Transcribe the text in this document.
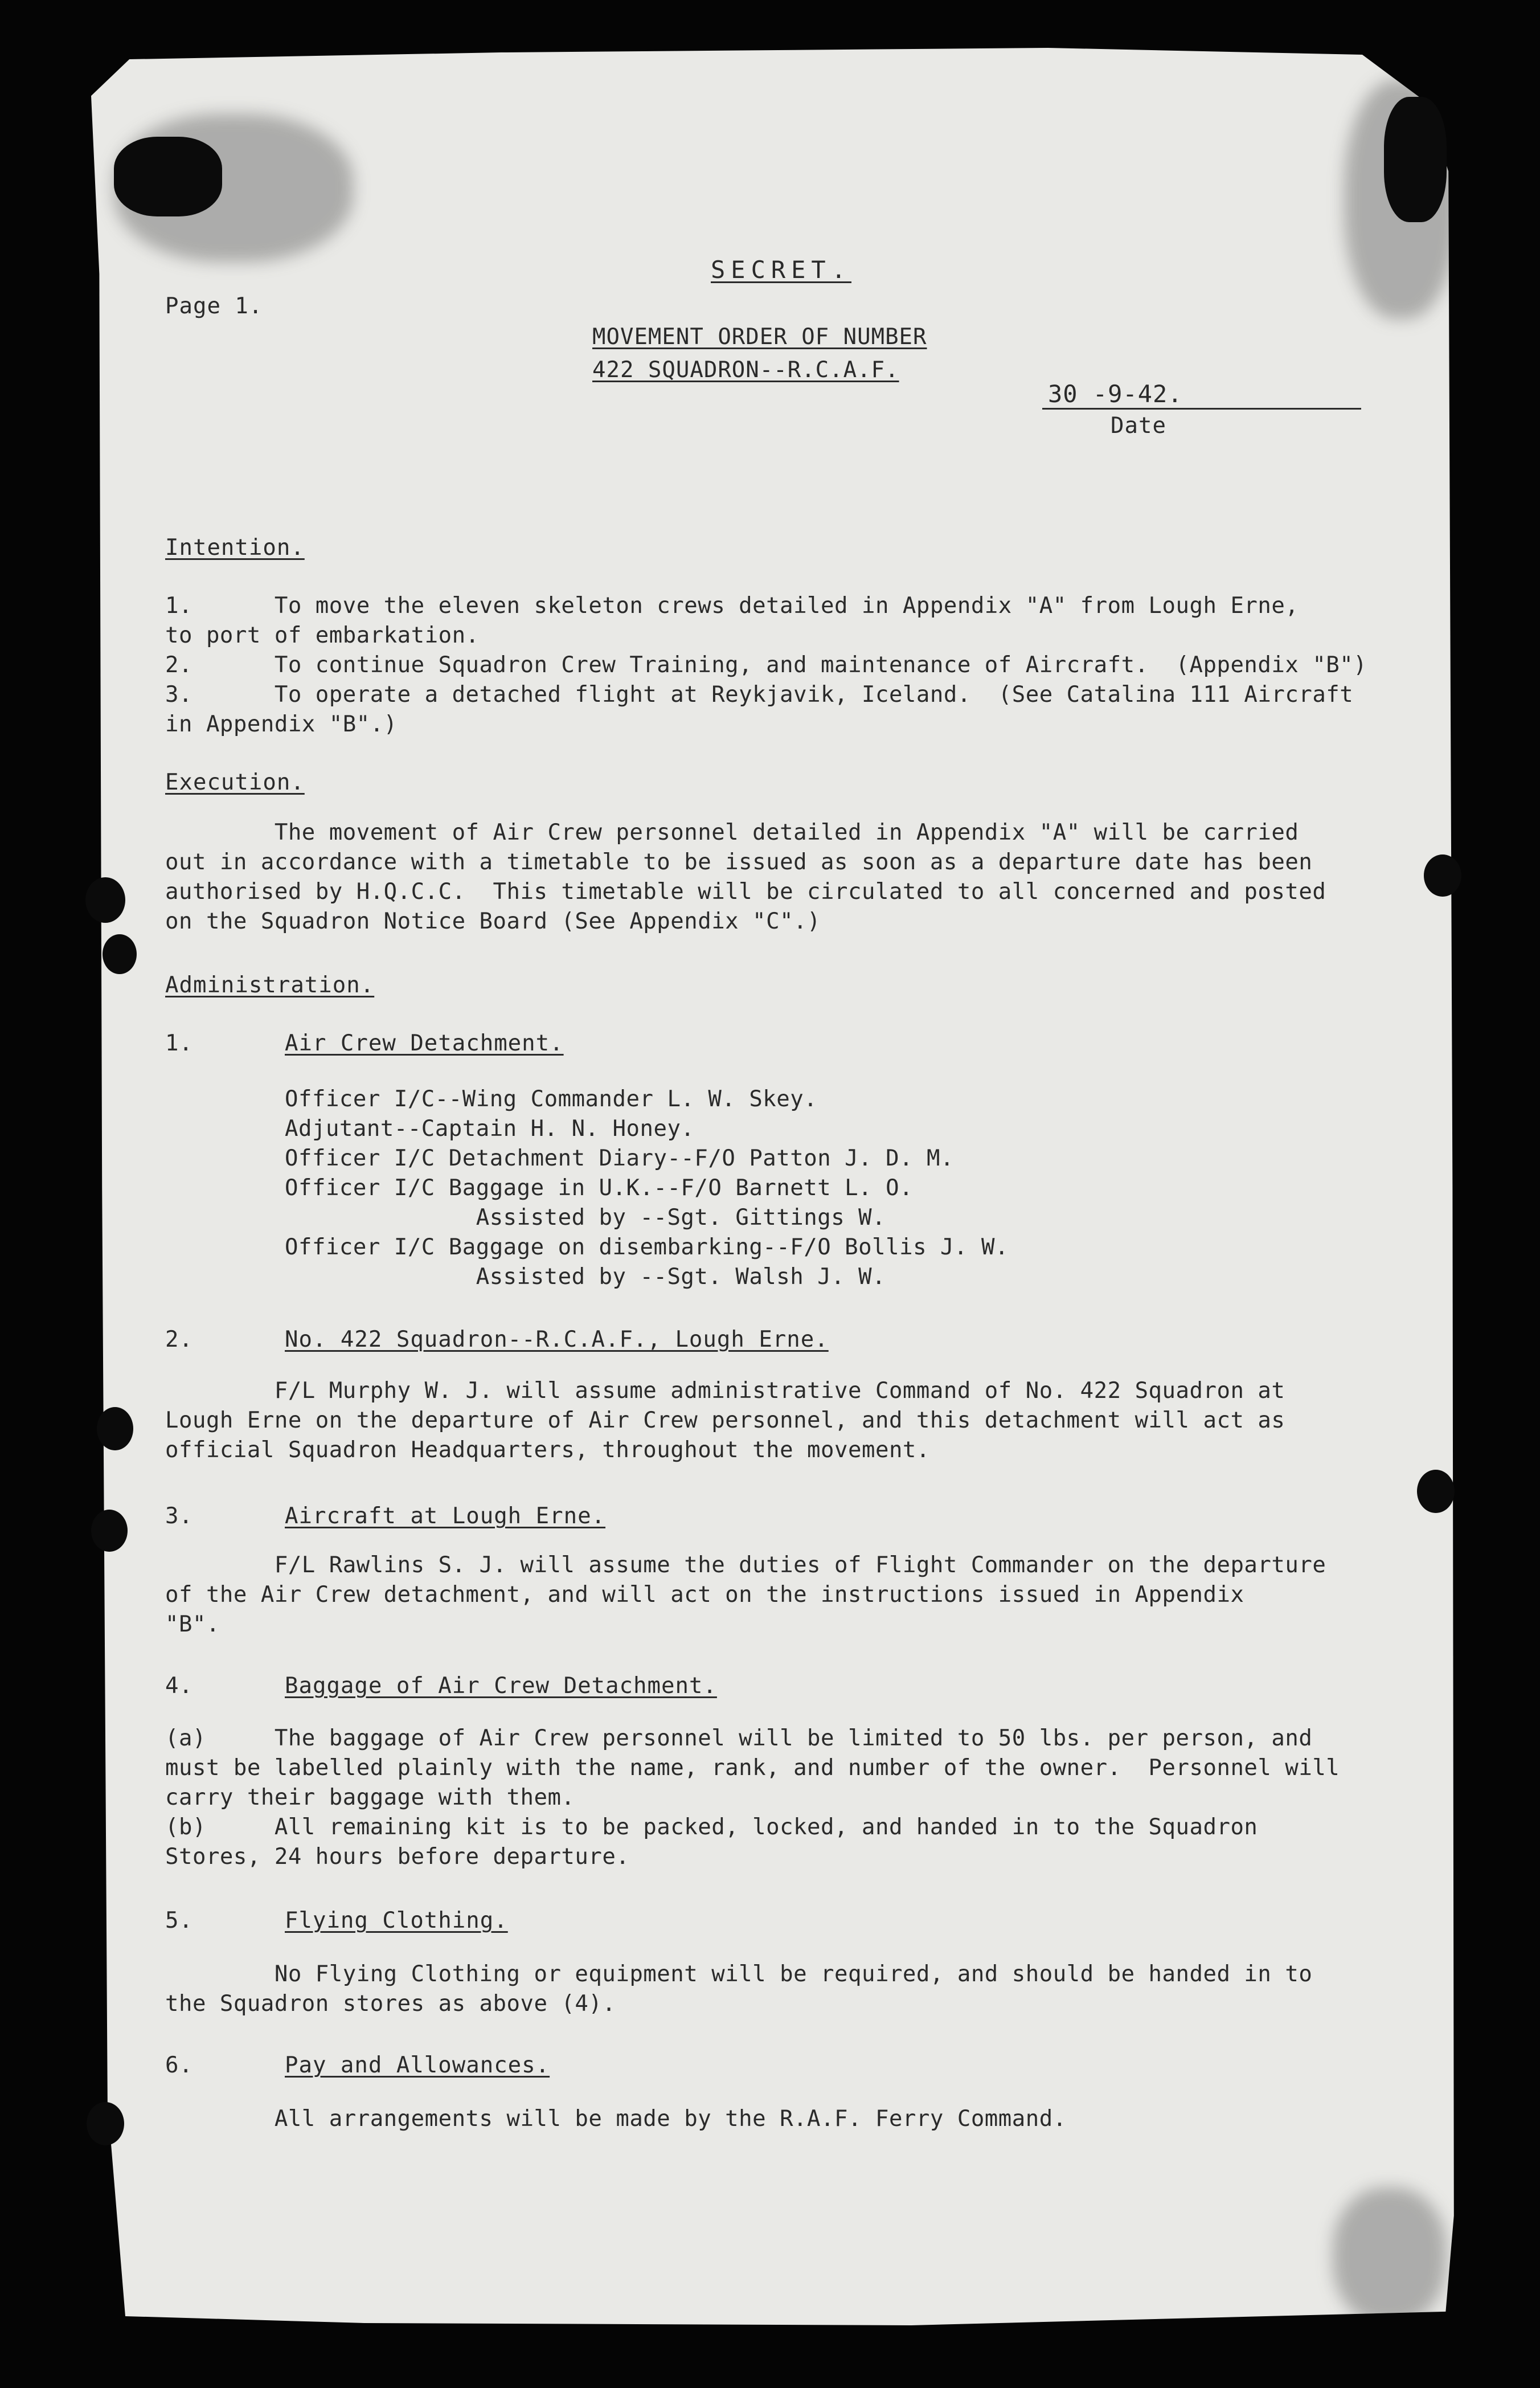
SECRET.
Page 1.
MOVEMENT ORDER OF NUMBER
422 SQUADRON--R.C.A.F.
30 -9-42.
Date
Intention.
1.      To move the eleven skeleton crews detailed in Appendix "A" from Lough Erne,
to port of embarkation.
2.      To continue Squadron Crew Training, and maintenance of Aircraft.  (Appendix "B")
3.      To operate a detached flight at Reykjavik, Iceland.  (See Catalina 111 Aircraft
in Appendix "B".)
Execution.
The movement of Air Crew personnel detailed in Appendix "A" will be carried
out in accordance with a timetable to be issued as soon as a departure date has been
authorised by H.Q.C.C.  This timetable will be circulated to all concerned and posted
on the Squadron Notice Board (See Appendix "C".)
Administration.
1.	Air Crew Detachment.
Officer I/C--Wing Commander L. W. Skey.
Adjutant--Captain H. N. Honey.
Officer I/C Detachment Diary--F/O Patton J. D. M.
Officer I/C Baggage in U.K.--F/O Barnett L. O.
Assisted by --Sgt. Gittings W.
Officer I/C Baggage on disembarking--F/O Bollis J. W.
Assisted by --Sgt. Walsh J. W.
2.	No. 422 Squadron--R.C.A.F., Lough Erne.
F/L Murphy W. J. will assume administrative Command of No. 422 Squadron at
Lough Erne on the departure of Air Crew personnel, and this detachment will act as
official Squadron Headquarters, throughout the movement.
3.	Aircraft at Lough Erne.
F/L Rawlins S. J. will assume the duties of Flight Commander on the departure
of the Air Crew detachment, and will act on the instructions issued in Appendix
"B".
4.	Baggage of Air Crew Detachment.
(a)     The baggage of Air Crew personnel will be limited to 50 lbs. per person, and
must be labelled plainly with the name, rank, and number of the owner.  Personnel will
carry their baggage with them.
(b)     All remaining kit is to be packed, locked, and handed in to the Squadron
Stores, 24 hours before departure.
5.	Flying Clothing.
No Flying Clothing or equipment will be required, and should be handed in to
the Squadron stores as above (4).
6.	Pay and Allowances.
All arrangements will be made by the R.A.F. Ferry Command.
